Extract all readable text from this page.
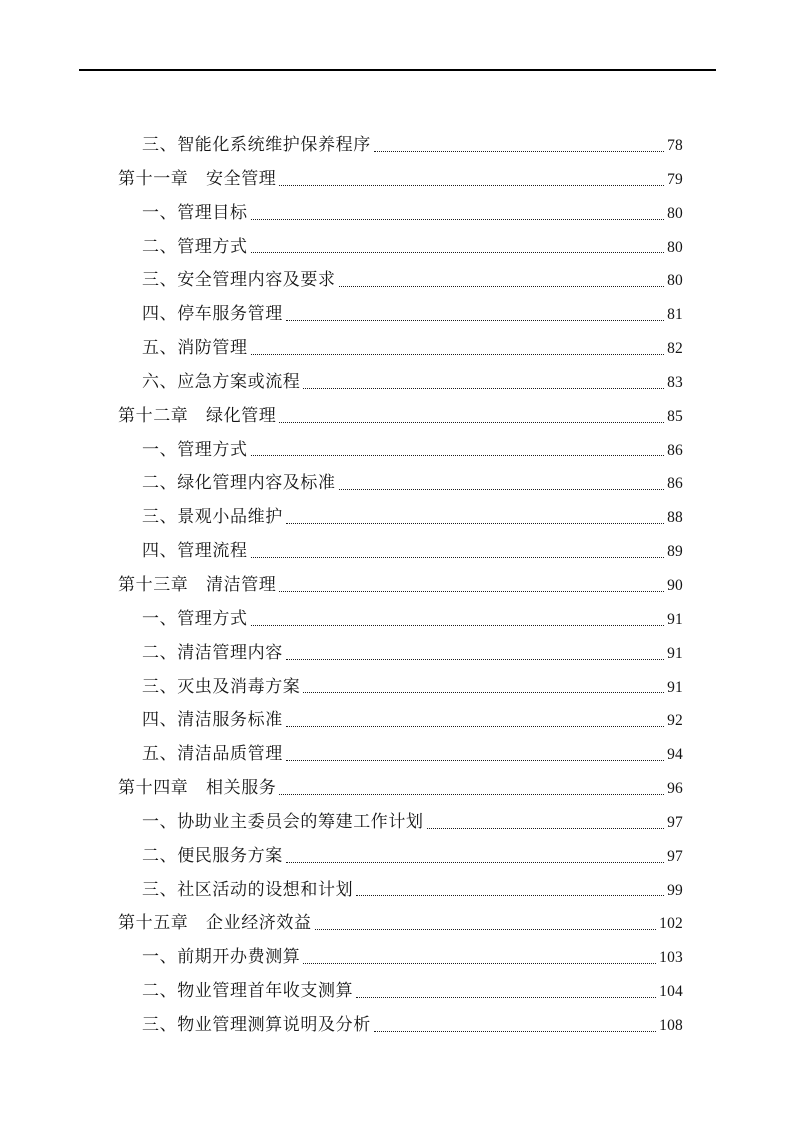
三、智能化系统维护保养程序	78
第十一章　安全管理	79
一、管理目标	80
二、管理方式	80
三、安全管理内容及要求	80
四、停车服务管理	81
五、消防管理	82
六、应急方案或流程	83
第十二章　绿化管理	85
一、管理方式	86
二、绿化管理内容及标准	86
三、景观小品维护	88
四、管理流程	89
第十三章　清洁管理	90
一、管理方式	91
二、清洁管理内容	91
三、灭虫及消毒方案	91
四、清洁服务标准	92
五、清洁品质管理	94
第十四章　相关服务	96
一、协助业主委员会的筹建工作计划	97
二、便民服务方案	97
三、社区活动的设想和计划	99
第十五章　企业经济效益	102
一、前期开办费测算	103
二、物业管理首年收支测算	104
三、物业管理测算说明及分析	108
